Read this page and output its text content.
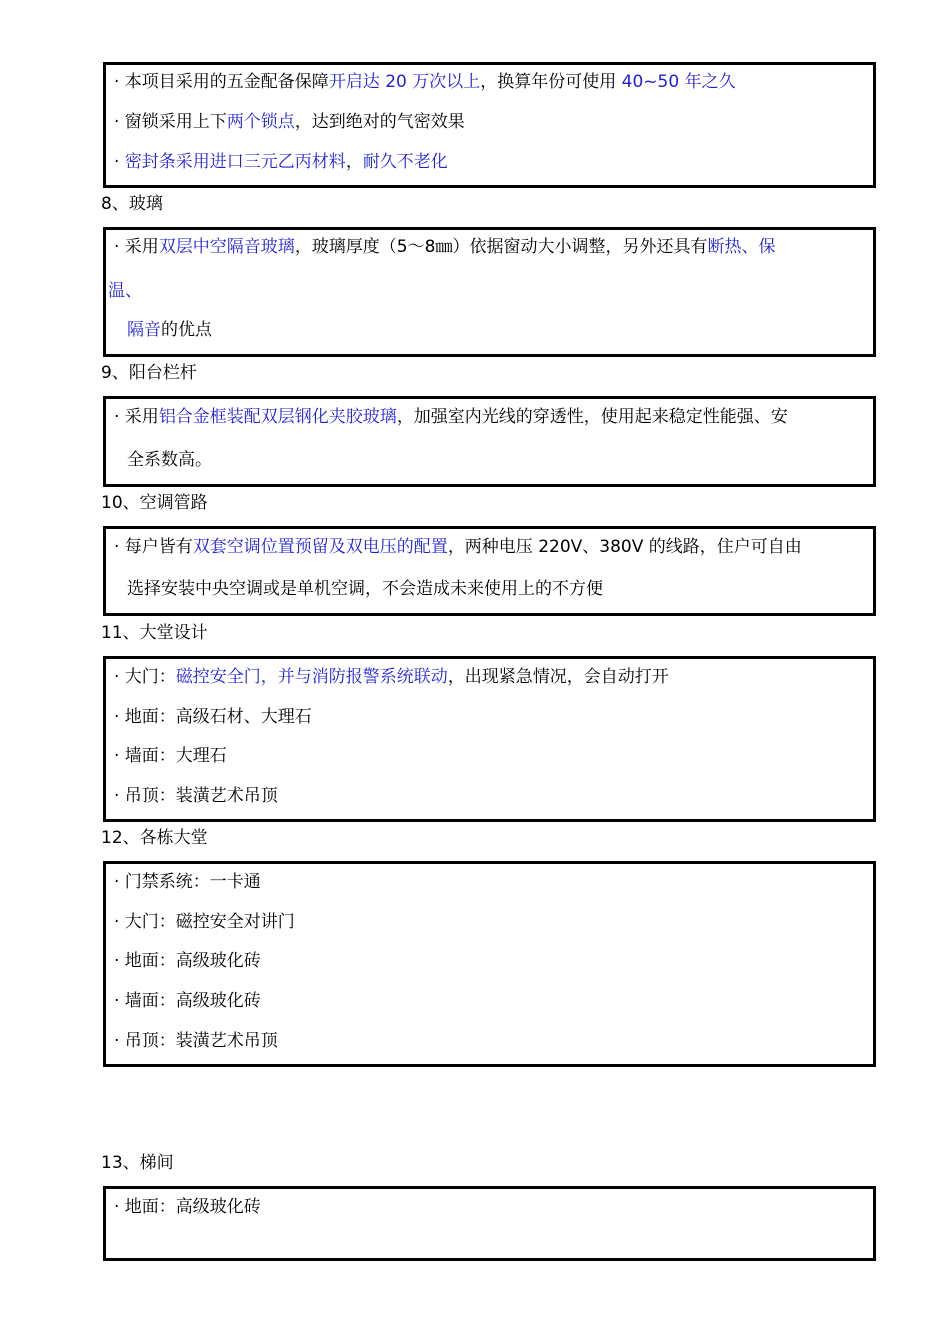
· 本项目采用的五金配备保障开启达 20 万次以上，换算年份可使用 40~50 年之久
· 窗锁采用上下两个锁点，达到绝对的气密效果
· 密封条采用进口三元乙丙材料，耐久不老化
8、玻璃
· 采用双层中空隔音玻璃，玻璃厚度（5～8㎜）依据窗动大小调整，另外还具有断热、保
温、
隔音的优点
9、阳台栏杆
· 采用铝合金框装配双层钢化夹胶玻璃，加强室内光线的穿透性，使用起来稳定性能强、安
全系数高。
10、空调管路
· 每户皆有双套空调位置预留及双电压的配置，两种电压 220V、380V 的线路，住户可自由
选择安装中央空调或是单机空调，不会造成未来使用上的不方便
11、大堂设计
· 大门：磁控安全门，并与消防报警系统联动，出现紧急情况，会自动打开
· 地面：高级石材、大理石
· 墙面：大理石
· 吊顶：装潢艺术吊顶
12、各栋大堂
· 门禁系统：一卡通
· 大门：磁控安全对讲门
· 地面：高级玻化砖
· 墙面：高级玻化砖
· 吊顶：装潢艺术吊顶
13、梯间
· 地面：高级玻化砖
